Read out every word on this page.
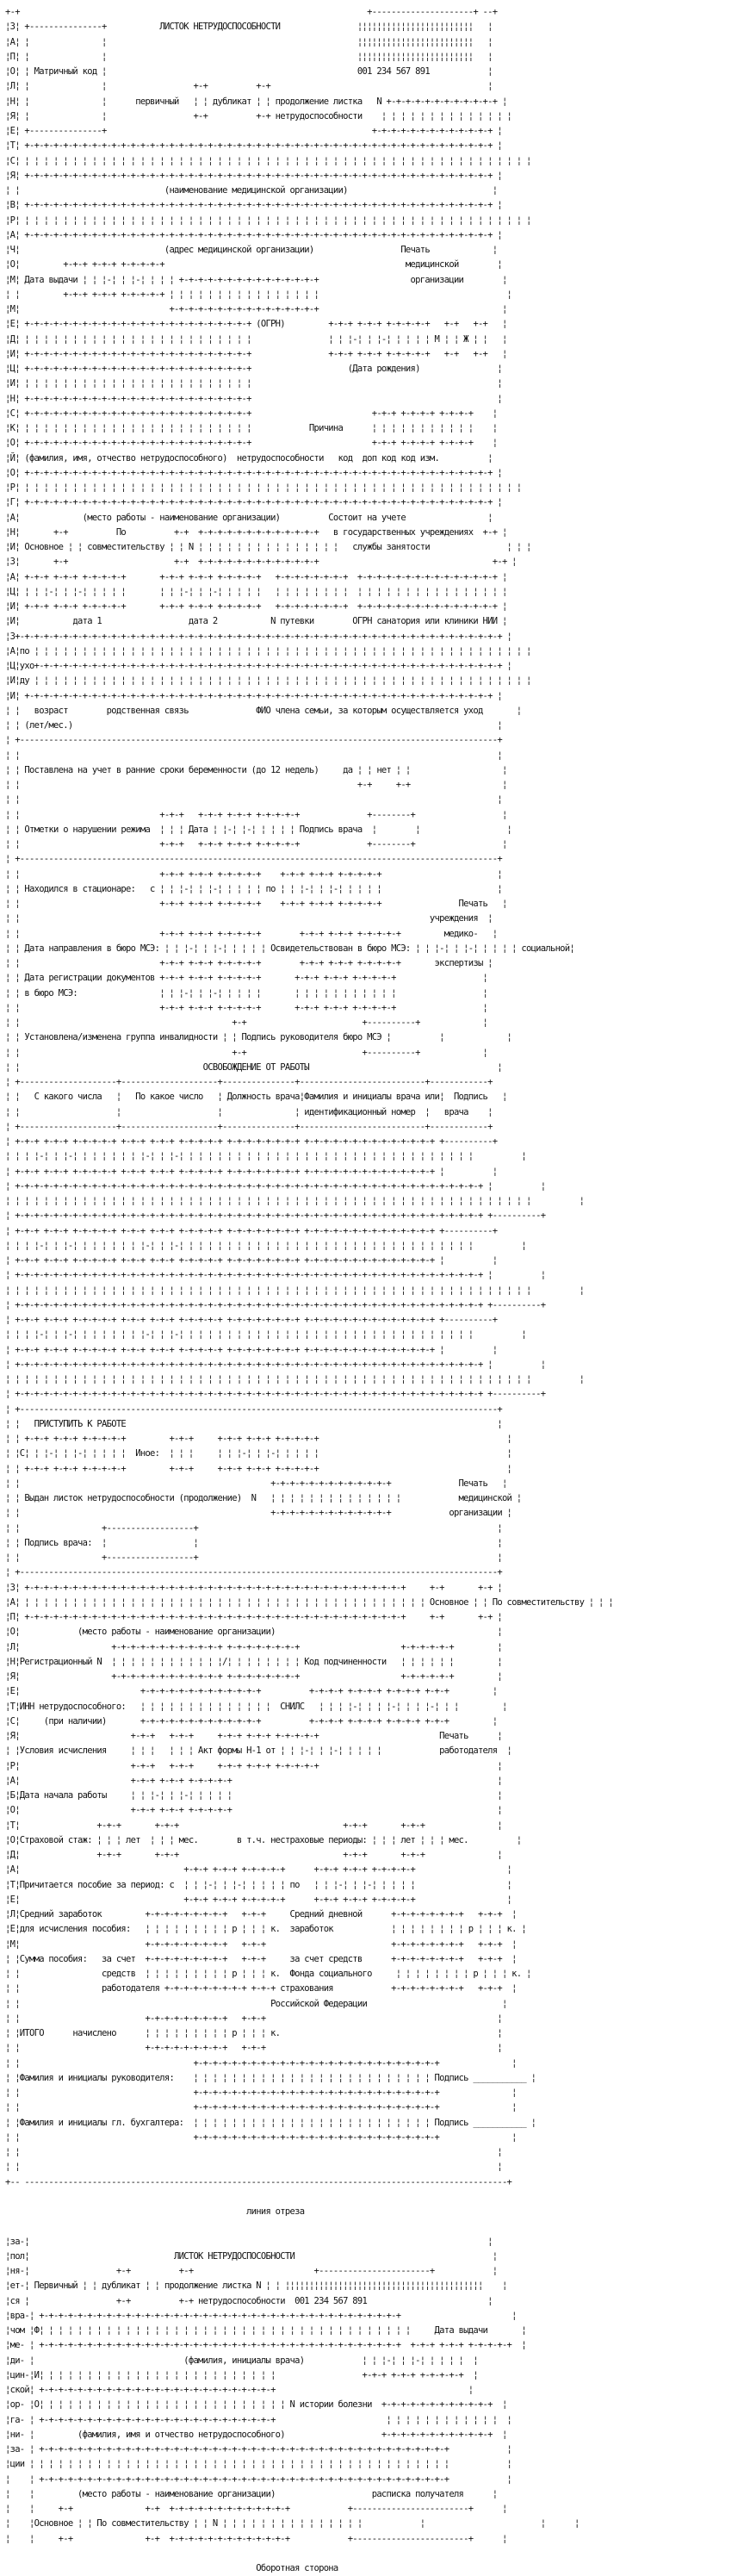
+-+                                                                        +---------------------+ --+
¦З¦ +---------------+           ЛИСТОК НЕТРУДОСПОСОБНОСТИ                ¦¦¦¦¦¦¦¦¦¦¦¦¦¦¦¦¦¦¦¦¦¦¦¦   ¦
¦А¦ ¦               ¦                                                    ¦¦¦¦¦¦¦¦¦¦¦¦¦¦¦¦¦¦¦¦¦¦¦¦   ¦
¦П¦ ¦               ¦                                                    ¦¦¦¦¦¦¦¦¦¦¦¦¦¦¦¦¦¦¦¦¦¦¦¦   ¦
¦О¦ ¦ Матричный код ¦                                                    001 234 567 891            ¦
¦Л¦ ¦               ¦                  +-+          +-+                                             ¦
¦Н¦ ¦               ¦      первичный   ¦ ¦ дубликат ¦ ¦ продолжение листка   N +-+-+-+-+-+-+-+-+-+-+-+ ¦
¦Я¦ ¦               ¦                  +-+          +-+ нетрудоспособности    ¦ ¦ ¦ ¦ ¦ ¦ ¦ ¦ ¦ ¦ ¦ ¦ ¦ ¦
¦Е¦ +---------------+                                                       +-+-+-+-+-+-+-+-+-+-+-+-+ ¦
¦Т¦ +-+-+-+-+-+-+-+-+-+-+-+-+-+-+-+-+-+-+-+-+-+-+-+-+-+-+-+-+-+-+-+-+-+-+-+-+-+-+-+-+-+-+-+-+-+-+-+-+ ¦
¦С¦ ¦ ¦ ¦ ¦ ¦ ¦ ¦ ¦ ¦ ¦ ¦ ¦ ¦ ¦ ¦ ¦ ¦ ¦ ¦ ¦ ¦ ¦ ¦ ¦ ¦ ¦ ¦ ¦ ¦ ¦ ¦ ¦ ¦ ¦ ¦ ¦ ¦ ¦ ¦ ¦ ¦ ¦ ¦ ¦ ¦ ¦ ¦ ¦ ¦ ¦ ¦ ¦ ¦
¦Я¦ +-+-+-+-+-+-+-+-+-+-+-+-+-+-+-+-+-+-+-+-+-+-+-+-+-+-+-+-+-+-+-+-+-+-+-+-+-+-+-+-+-+-+-+-+-+-+-+-+ ¦
¦ ¦                              (наименование медицинской организации)                              ¦
¦В¦ +-+-+-+-+-+-+-+-+-+-+-+-+-+-+-+-+-+-+-+-+-+-+-+-+-+-+-+-+-+-+-+-+-+-+-+-+-+-+-+-+-+-+-+-+-+-+-+-+ ¦
¦Р¦ ¦ ¦ ¦ ¦ ¦ ¦ ¦ ¦ ¦ ¦ ¦ ¦ ¦ ¦ ¦ ¦ ¦ ¦ ¦ ¦ ¦ ¦ ¦ ¦ ¦ ¦ ¦ ¦ ¦ ¦ ¦ ¦ ¦ ¦ ¦ ¦ ¦ ¦ ¦ ¦ ¦ ¦ ¦ ¦ ¦ ¦ ¦ ¦ ¦ ¦ ¦ ¦ ¦
¦А¦ +-+-+-+-+-+-+-+-+-+-+-+-+-+-+-+-+-+-+-+-+-+-+-+-+-+-+-+-+-+-+-+-+-+-+-+-+-+-+-+-+-+-+-+-+-+-+-+-+ ¦
¦Ч¦                              (адрес медицинской организации)                  Печать             ¦
¦О¦         +-+-+ +-+-+ +-+-+-+-+                                                  медицинской        ¦
¦М¦ Дата выдачи ¦ ¦ ¦-¦ ¦ ¦-¦ ¦ ¦ ¦ +-+-+-+-+-+-+-+-+-+-+-+-+-+-+                   организации        ¦
¦ ¦         +-+-+ +-+-+ +-+-+-+-+ ¦ ¦ ¦ ¦ ¦ ¦ ¦ ¦ ¦ ¦ ¦ ¦ ¦ ¦ ¦ ¦                                       ¦
¦М¦                               +-+-+-+-+-+-+-+-+-+-+-+-+-+-+-+                                      ¦
¦Е¦ +-+-+-+-+-+-+-+-+-+-+-+-+-+-+-+-+-+-+-+-+-+-+-+ (ОГРН)         +-+-+ +-+-+ +-+-+-+-+   +-+   +-+   ¦
¦Д¦ ¦ ¦ ¦ ¦ ¦ ¦ ¦ ¦ ¦ ¦ ¦ ¦ ¦ ¦ ¦ ¦ ¦ ¦ ¦ ¦ ¦ ¦ ¦ ¦                ¦ ¦ ¦-¦ ¦ ¦-¦ ¦ ¦ ¦ ¦ М ¦ ¦ Ж ¦ ¦   ¦
¦И¦ +-+-+-+-+-+-+-+-+-+-+-+-+-+-+-+-+-+-+-+-+-+-+-+                +-+-+ +-+-+ +-+-+-+-+   +-+   +-+   ¦
¦Ц¦ +-+-+-+-+-+-+-+-+-+-+-+-+-+-+-+-+-+-+-+-+-+-+-+                    (Дата рождения)                ¦
¦И¦ ¦ ¦ ¦ ¦ ¦ ¦ ¦ ¦ ¦ ¦ ¦ ¦ ¦ ¦ ¦ ¦ ¦ ¦ ¦ ¦ ¦ ¦ ¦ ¦                                                   ¦
¦Н¦ +-+-+-+-+-+-+-+-+-+-+-+-+-+-+-+-+-+-+-+-+-+-+-+                                                   ¦
¦С¦ +-+-+-+-+-+-+-+-+-+-+-+-+-+-+-+-+-+-+-+-+-+-+-+                         +-+-+ +-+-+-+ +-+-+-+    ¦
¦К¦ ¦ ¦ ¦ ¦ ¦ ¦ ¦ ¦ ¦ ¦ ¦ ¦ ¦ ¦ ¦ ¦ ¦ ¦ ¦ ¦ ¦ ¦ ¦ ¦            Причина      ¦ ¦ ¦ ¦ ¦ ¦ ¦ ¦ ¦ ¦ ¦    ¦
¦О¦ +-+-+-+-+-+-+-+-+-+-+-+-+-+-+-+-+-+-+-+-+-+-+-+                         +-+-+ +-+-+-+ +-+-+-+    ¦
¦Й¦ (фамилия, имя, отчество нетрудоспособного)  нетрудоспособности   код  доп код код изм.          ¦
¦О¦ +-+-+-+-+-+-+-+-+-+-+-+-+-+-+-+-+-+-+-+-+-+-+-+-+-+-+-+-+-+-+-+-+-+-+-+-+-+-+-+-+-+-+-+-+-+-+-+-+ ¦
¦Р¦ ¦ ¦ ¦ ¦ ¦ ¦ ¦ ¦ ¦ ¦ ¦ ¦ ¦ ¦ ¦ ¦ ¦ ¦ ¦ ¦ ¦ ¦ ¦ ¦ ¦ ¦ ¦ ¦ ¦ ¦ ¦ ¦ ¦ ¦ ¦ ¦ ¦ ¦ ¦ ¦ ¦ ¦ ¦ ¦ ¦ ¦ ¦ ¦ ¦ ¦ ¦ ¦
¦Г¦ +-+-+-+-+-+-+-+-+-+-+-+-+-+-+-+-+-+-+-+-+-+-+-+-+-+-+-+-+-+-+-+-+-+-+-+-+-+-+-+-+-+-+-+-+-+-+-+-+ ¦
¦А¦             (место работы - наименование организации)          Состоит на учете                 ¦
¦Н¦       +-+          По          +-+  +-+-+-+-+-+-+-+-+-+-+-+-+   в государственных учреждениях  +-+ ¦
¦И¦ Основное ¦ ¦ совместительству ¦ ¦ N ¦ ¦ ¦ ¦ ¦ ¦ ¦ ¦ ¦ ¦ ¦ ¦ ¦ ¦ ¦   службы занятости                ¦ ¦ ¦
¦З¦       +-+                      +-+  +-+-+-+-+-+-+-+-+-+-+-+-+                                    +-+ ¦
¦А¦ +-+-+ +-+-+ +-+-+-+-+       +-+-+ +-+-+ +-+-+-+-+   +-+-+-+-+-+-+-+  +-+-+-+-+-+-+-+-+-+-+-+-+-+-+ ¦
¦Ц¦ ¦ ¦ ¦-¦ ¦ ¦-¦ ¦ ¦ ¦ ¦       ¦ ¦ ¦-¦ ¦ ¦-¦ ¦ ¦ ¦ ¦   ¦ ¦ ¦ ¦ ¦ ¦ ¦ ¦  ¦ ¦ ¦ ¦ ¦ ¦ ¦ ¦ ¦ ¦ ¦ ¦ ¦ ¦ ¦ ¦
¦И¦ +-+-+ +-+-+ +-+-+-+-+       +-+-+ +-+-+ +-+-+-+-+   +-+-+-+-+-+-+-+  +-+-+-+-+-+-+-+-+-+-+-+-+-+-+ ¦
¦И¦           дата 1                  дата 2           N путевки        ОГРН санатория или клиники НИИ ¦
¦З+-+-+-+-+-+-+-+-+-+-+-+-+-+-+-+-+-+-+-+-+-+-+-+-+-+-+-+-+-+-+-+-+-+-+-+-+-+-+-+-+-+-+-+-+-+-+-+-+-+-+ ¦
¦А¦по ¦ ¦ ¦ ¦ ¦ ¦ ¦ ¦ ¦ ¦ ¦ ¦ ¦ ¦ ¦ ¦ ¦ ¦ ¦ ¦ ¦ ¦ ¦ ¦ ¦ ¦ ¦ ¦ ¦ ¦ ¦ ¦ ¦ ¦ ¦ ¦ ¦ ¦ ¦ ¦ ¦ ¦ ¦ ¦ ¦ ¦ ¦ ¦ ¦ ¦ ¦ ¦
¦Ц¦ухо+-+-+-+-+-+-+-+-+-+-+-+-+-+-+-+-+-+-+-+-+-+-+-+-+-+-+-+-+-+-+-+-+-+-+-+-+-+-+-+-+-+-+-+-+-+-+-+-+ ¦
¦И¦ду ¦ ¦ ¦ ¦ ¦ ¦ ¦ ¦ ¦ ¦ ¦ ¦ ¦ ¦ ¦ ¦ ¦ ¦ ¦ ¦ ¦ ¦ ¦ ¦ ¦ ¦ ¦ ¦ ¦ ¦ ¦ ¦ ¦ ¦ ¦ ¦ ¦ ¦ ¦ ¦ ¦ ¦ ¦ ¦ ¦ ¦ ¦ ¦ ¦ ¦ ¦ ¦
¦И¦ +-+-+-+-+-+-+-+-+-+-+-+-+-+-+-+-+-+-+-+-+-+-+-+-+-+-+-+-+-+-+-+-+-+-+-+-+-+-+-+-+-+-+-+-+-+-+-+-+ ¦
¦ ¦   возраст        родственная связь              ФИО члена семьи, за которым осуществляется уход       ¦
¦ ¦ (лет/мес.)                                                                                        ¦
¦ +---------------------------------------------------------------------------------------------------+
¦ ¦                                                                                                   ¦
¦ ¦ Поставлена на учет в ранние сроки беременности (до 12 недель)     да ¦ ¦ нет ¦ ¦                   ¦
¦ ¦                                                                      +-+     +-+                   ¦
¦ ¦                                                                                                   ¦
¦ ¦                             +-+-+   +-+-+ +-+-+ +-+-+-+-+              +--------+                  ¦
¦ ¦ Отметки о нарушении режима  ¦ ¦ ¦ Дата ¦ ¦-¦ ¦-¦ ¦ ¦ ¦ ¦ Подпись врача  ¦        ¦                  ¦
¦ ¦                             +-+-+   +-+-+ +-+-+ +-+-+-+-+              +--------+                  ¦
¦ +---------------------------------------------------------------------------------------------------+
¦ ¦                             +-+-+ +-+-+ +-+-+-+-+    +-+-+ +-+-+ +-+-+-+-+                        ¦
¦ ¦ Находился в стационаре:   с ¦ ¦ ¦-¦ ¦ ¦-¦ ¦ ¦ ¦ ¦ по ¦ ¦ ¦-¦ ¦ ¦-¦ ¦ ¦ ¦ ¦                        ¦
¦ ¦                             +-+-+ +-+-+ +-+-+-+-+    +-+-+ +-+-+ +-+-+-+-+                Печать   ¦
¦ ¦                                                                                     учреждения  ¦
¦ ¦                             +-+-+ +-+-+ +-+-+-+-+        +-+-+ +-+-+ +-+-+-+-+         медико-   ¦
¦ ¦ Дата направления в бюро МСЭ: ¦ ¦ ¦-¦ ¦ ¦-¦ ¦ ¦ ¦ ¦ Освидетельствован в бюро МСЭ: ¦ ¦ ¦-¦ ¦ ¦-¦ ¦ ¦ ¦ ¦ социальной¦
¦ ¦                             +-+-+ +-+-+ +-+-+-+-+        +-+-+ +-+-+ +-+-+-+-+       экспертизы ¦
¦ ¦ Дата регистрации документов +-+-+ +-+-+ +-+-+-+-+       +-+-+ +-+-+ +-+-+-+-+                  ¦
¦ ¦ в бюро МСЭ:                 ¦ ¦ ¦-¦ ¦ ¦-¦ ¦ ¦ ¦ ¦       ¦ ¦ ¦ ¦ ¦ ¦ ¦ ¦ ¦ ¦ ¦                  ¦
¦ ¦                             +-+-+ +-+-+ +-+-+-+-+       +-+-+ +-+-+ +-+-+-+-+                  ¦
¦ ¦                                            +-+                        +----------+             ¦
¦ ¦ Установлена/изменена группа инвалидности ¦ ¦ Подпись руководителя бюро МСЭ ¦          ¦             ¦
¦ ¦                                            +-+                        +----------+             ¦
¦ ¦                                      ОСВОБОЖДЕНИЕ ОТ РАБОТЫ                                       ¦
¦ +--------------------+--------------------+---------------+--------------------------+------------+
¦ ¦   С какого числа   ¦   По какое число   ¦ Должность врача¦Фамилия и инициалы врача или¦  Подпись   ¦
¦ ¦                    ¦                    ¦               ¦ идентификационный номер  ¦   врача    ¦
¦ +--------------------+--------------------+---------------+--------------------------+------------+
¦ +-+-+ +-+-+ +-+-+-+-+ +-+-+ +-+-+ +-+-+-+-+ +-+-+-+-+-+-+-+ +-+-+-+-+-+-+-+-+-+-+-+-+-+ +----------+
¦ ¦ ¦ ¦-¦ ¦ ¦-¦ ¦ ¦ ¦ ¦ ¦ ¦ ¦-¦ ¦ ¦-¦ ¦ ¦ ¦ ¦ ¦ ¦ ¦ ¦ ¦ ¦ ¦ ¦ ¦ ¦ ¦ ¦ ¦ ¦ ¦ ¦ ¦ ¦ ¦ ¦ ¦ ¦ ¦ ¦ ¦ ¦          ¦
¦ +-+-+ +-+-+ +-+-+-+-+ +-+-+ +-+-+ +-+-+-+-+ +-+-+-+-+-+-+-+ +-+-+-+-+-+-+-+-+-+-+-+-+-+ ¦          ¦
¦ +-+-+-+-+-+-+-+-+-+-+-+-+-+-+-+-+-+-+-+-+-+-+-+-+-+-+-+-+-+-+-+-+-+-+-+-+-+-+-+-+-+-+-+-+-+-+-+-+ ¦          ¦
¦ ¦ ¦ ¦ ¦ ¦ ¦ ¦ ¦ ¦ ¦ ¦ ¦ ¦ ¦ ¦ ¦ ¦ ¦ ¦ ¦ ¦ ¦ ¦ ¦ ¦ ¦ ¦ ¦ ¦ ¦ ¦ ¦ ¦ ¦ ¦ ¦ ¦ ¦ ¦ ¦ ¦ ¦ ¦ ¦ ¦ ¦ ¦ ¦ ¦ ¦ ¦ ¦ ¦ ¦          ¦
¦ +-+-+-+-+-+-+-+-+-+-+-+-+-+-+-+-+-+-+-+-+-+-+-+-+-+-+-+-+-+-+-+-+-+-+-+-+-+-+-+-+-+-+-+-+-+-+-+-+ +----------+
¦ +-+-+ +-+-+ +-+-+-+-+ +-+-+ +-+-+ +-+-+-+-+ +-+-+-+-+-+-+-+ +-+-+-+-+-+-+-+-+-+-+-+-+-+ +----------+
¦ ¦ ¦ ¦-¦ ¦ ¦-¦ ¦ ¦ ¦ ¦ ¦ ¦ ¦-¦ ¦ ¦-¦ ¦ ¦ ¦ ¦ ¦ ¦ ¦ ¦ ¦ ¦ ¦ ¦ ¦ ¦ ¦ ¦ ¦ ¦ ¦ ¦ ¦ ¦ ¦ ¦ ¦ ¦ ¦ ¦ ¦ ¦          ¦
¦ +-+-+ +-+-+ +-+-+-+-+ +-+-+ +-+-+ +-+-+-+-+ +-+-+-+-+-+-+-+ +-+-+-+-+-+-+-+-+-+-+-+-+-+ ¦          ¦
¦ +-+-+-+-+-+-+-+-+-+-+-+-+-+-+-+-+-+-+-+-+-+-+-+-+-+-+-+-+-+-+-+-+-+-+-+-+-+-+-+-+-+-+-+-+-+-+-+-+ ¦          ¦
¦ ¦ ¦ ¦ ¦ ¦ ¦ ¦ ¦ ¦ ¦ ¦ ¦ ¦ ¦ ¦ ¦ ¦ ¦ ¦ ¦ ¦ ¦ ¦ ¦ ¦ ¦ ¦ ¦ ¦ ¦ ¦ ¦ ¦ ¦ ¦ ¦ ¦ ¦ ¦ ¦ ¦ ¦ ¦ ¦ ¦ ¦ ¦ ¦ ¦ ¦ ¦ ¦ ¦ ¦          ¦
¦ +-+-+-+-+-+-+-+-+-+-+-+-+-+-+-+-+-+-+-+-+-+-+-+-+-+-+-+-+-+-+-+-+-+-+-+-+-+-+-+-+-+-+-+-+-+-+-+-+ +----------+
¦ +-+-+ +-+-+ +-+-+-+-+ +-+-+ +-+-+ +-+-+-+-+ +-+-+-+-+-+-+-+ +-+-+-+-+-+-+-+-+-+-+-+-+-+ +----------+
¦ ¦ ¦ ¦-¦ ¦ ¦-¦ ¦ ¦ ¦ ¦ ¦ ¦ ¦-¦ ¦ ¦-¦ ¦ ¦ ¦ ¦ ¦ ¦ ¦ ¦ ¦ ¦ ¦ ¦ ¦ ¦ ¦ ¦ ¦ ¦ ¦ ¦ ¦ ¦ ¦ ¦ ¦ ¦ ¦ ¦ ¦ ¦          ¦
¦ +-+-+ +-+-+ +-+-+-+-+ +-+-+ +-+-+ +-+-+-+-+ +-+-+-+-+-+-+-+ +-+-+-+-+-+-+-+-+-+-+-+-+-+ ¦          ¦
¦ +-+-+-+-+-+-+-+-+-+-+-+-+-+-+-+-+-+-+-+-+-+-+-+-+-+-+-+-+-+-+-+-+-+-+-+-+-+-+-+-+-+-+-+-+-+-+-+-+ ¦          ¦
¦ ¦ ¦ ¦ ¦ ¦ ¦ ¦ ¦ ¦ ¦ ¦ ¦ ¦ ¦ ¦ ¦ ¦ ¦ ¦ ¦ ¦ ¦ ¦ ¦ ¦ ¦ ¦ ¦ ¦ ¦ ¦ ¦ ¦ ¦ ¦ ¦ ¦ ¦ ¦ ¦ ¦ ¦ ¦ ¦ ¦ ¦ ¦ ¦ ¦ ¦ ¦ ¦ ¦ ¦          ¦
¦ +-+-+-+-+-+-+-+-+-+-+-+-+-+-+-+-+-+-+-+-+-+-+-+-+-+-+-+-+-+-+-+-+-+-+-+-+-+-+-+-+-+-+-+-+-+-+-+-+ +----------+
¦ +---------------------------------------------------------------------------------------------------+
¦ ¦   ПРИСТУПИТЬ К РАБОТЕ                                                                             ¦
¦ ¦ +-+-+ +-+-+ +-+-+-+-+         +-+-+     +-+-+ +-+-+ +-+-+-+-+                                       ¦
¦ ¦С¦ ¦ ¦-¦ ¦ ¦-¦ ¦ ¦ ¦ ¦  Иное:  ¦ ¦ ¦     ¦ ¦ ¦-¦ ¦ ¦-¦ ¦ ¦ ¦ ¦                                       ¦
¦ ¦ +-+-+ +-+-+ +-+-+-+-+         +-+-+     +-+-+ +-+-+ +-+-+-+-+                                       ¦
¦ ¦                                                    +-+-+-+-+-+-+-+-+-+-+-+-+              Печать   ¦
¦ ¦ Выдан листок нетрудоспособности (продолжение)  N   ¦ ¦ ¦ ¦ ¦ ¦ ¦ ¦ ¦ ¦ ¦ ¦ ¦ ¦            медицинской ¦
¦ ¦                                                    +-+-+-+-+-+-+-+-+-+-+-+-+            организации ¦
¦ ¦                 +------------------+                                                              ¦
¦ ¦ Подпись врача:  ¦                  ¦                                                              ¦
¦ ¦                 +------------------+                                                              ¦
¦ +---------------------------------------------------------------------------------------------------+
¦З¦ +-+-+-+-+-+-+-+-+-+-+-+-+-+-+-+-+-+-+-+-+-+-+-+-+-+-+-+-+-+-+-+-+-+-+-+-+-+-+-+     +-+       +-+ ¦
¦А¦ ¦ ¦ ¦ ¦ ¦ ¦ ¦ ¦ ¦ ¦ ¦ ¦ ¦ ¦ ¦ ¦ ¦ ¦ ¦ ¦ ¦ ¦ ¦ ¦ ¦ ¦ ¦ ¦ ¦ ¦ ¦ ¦ ¦ ¦ ¦ ¦ ¦ ¦ ¦ ¦ ¦ ¦ Основное ¦ ¦ По совместительству ¦ ¦ ¦
¦П¦ +-+-+-+-+-+-+-+-+-+-+-+-+-+-+-+-+-+-+-+-+-+-+-+-+-+-+-+-+-+-+-+-+-+-+-+-+-+-+-+     +-+       +-+ ¦
¦О¦            (место работы - наименование организации)                                              ¦
¦Л¦                   +-+-+-+-+-+-+-+-+-+-+-+ +-+-+-+-+-+-+-+                     +-+-+-+-+-+         ¦
¦Н¦Регистрационный N  ¦ ¦ ¦ ¦ ¦ ¦ ¦ ¦ ¦ ¦ ¦ ¦/¦ ¦ ¦ ¦ ¦ ¦ ¦ ¦ Код подчиненности   ¦ ¦ ¦ ¦ ¦ ¦         ¦
¦Я¦                   +-+-+-+-+-+-+-+-+-+-+-+ +-+-+-+-+-+-+-+                     +-+-+-+-+-+         ¦
¦Е¦                         +-+-+-+-+-+-+-+-+-+-+-+-+          +-+-+-+ +-+-+-+ +-+-+-+ +-+-+         ¦
¦Т¦ИНН нетрудоспособного:   ¦ ¦ ¦ ¦ ¦ ¦ ¦ ¦ ¦ ¦ ¦ ¦ ¦ ¦  СНИЛС   ¦ ¦ ¦ ¦-¦ ¦ ¦ ¦-¦ ¦ ¦ ¦-¦ ¦ ¦         ¦
¦С¦     (при наличии)       +-+-+-+-+-+-+-+-+-+-+-+-+          +-+-+-+ +-+-+-+ +-+-+-+ +-+-+         ¦
¦Я¦                       +-+-+   +-+-+     +-+-+ +-+-+ +-+-+-+-+                         Печать      ¦
¦ ¦Условия исчисления     ¦ ¦ ¦   ¦ ¦ ¦ Акт формы Н-1 от ¦ ¦ ¦-¦ ¦ ¦-¦ ¦ ¦ ¦ ¦            работодателя  ¦
¦Р¦                       +-+-+   +-+-+     +-+-+ +-+-+ +-+-+-+-+                                     ¦
¦А¦                       +-+-+ +-+-+ +-+-+-+-+                                                       ¦
¦Б¦Дата начала работы     ¦ ¦ ¦-¦ ¦ ¦-¦ ¦ ¦ ¦ ¦                                                       ¦
¦О¦                       +-+-+ +-+-+ +-+-+-+-+                                                       ¦
¦Т¦                +-+-+       +-+-+                                  +-+-+       +-+-+               ¦
¦О¦Страховой стаж: ¦ ¦ ¦ лет  ¦ ¦ ¦ мес.        в т.ч. нестраховые периоды: ¦ ¦ ¦ лет ¦ ¦ ¦ мес.          ¦
¦Д¦                +-+-+       +-+-+                                  +-+-+       +-+-+               ¦
¦А¦                                  +-+-+ +-+-+ +-+-+-+-+      +-+-+ +-+-+ +-+-+-+-+                   ¦
¦Т¦Причитается пособие за период: с  ¦ ¦ ¦-¦ ¦ ¦-¦ ¦ ¦ ¦ ¦ по   ¦ ¦ ¦-¦ ¦ ¦-¦ ¦ ¦ ¦ ¦                   ¦
¦Е¦                                  +-+-+ +-+-+ +-+-+-+-+      +-+-+ +-+-+ +-+-+-+-+                   ¦
¦Л¦Средний заработок         +-+-+-+-+-+-+-+-+   +-+-+     Средний дневной      +-+-+-+-+-+-+-+   +-+-+  ¦
¦Е¦для исчисления пособия:   ¦ ¦ ¦ ¦ ¦ ¦ ¦ ¦ ¦ р ¦ ¦ ¦ к.  заработок            ¦ ¦ ¦ ¦ ¦ ¦ ¦ ¦ р ¦ ¦ ¦ к. ¦
¦М¦                          +-+-+-+-+-+-+-+-+   +-+-+                          +-+-+-+-+-+-+-+   +-+-+  ¦
¦ ¦Сумма пособия:   за счет  +-+-+-+-+-+-+-+-+   +-+-+     за счет средств      +-+-+-+-+-+-+-+   +-+-+  ¦
¦ ¦                 средств  ¦ ¦ ¦ ¦ ¦ ¦ ¦ ¦ ¦ р ¦ ¦ ¦ к.  Фонда социального     ¦ ¦ ¦ ¦ ¦ ¦ ¦ ¦ р ¦ ¦ ¦ к. ¦
¦ ¦                 работодателя +-+-+-+-+-+-+-+-+ +-+-+ страхования            +-+-+-+-+-+-+-+   +-+-+  ¦
¦ ¦                                                    Российской Федерации                            ¦
¦ ¦                          +-+-+-+-+-+-+-+-+   +-+-+                                                ¦
¦ ¦ИТОГО      начислено      ¦ ¦ ¦ ¦ ¦ ¦ ¦ ¦ ¦ р ¦ ¦ ¦ к.                                             ¦
¦ ¦                          +-+-+-+-+-+-+-+-+   +-+-+                                                ¦
¦ ¦                                    +-+-+-+-+-+-+-+-+-+-+-+-+-+-+-+-+-+-+-+-+-+-+-+-+-+               ¦
¦ ¦Фамилия и инициалы руководителя:    ¦ ¦ ¦ ¦ ¦ ¦ ¦ ¦ ¦ ¦ ¦ ¦ ¦ ¦ ¦ ¦ ¦ ¦ ¦ ¦ ¦ ¦ ¦ ¦ ¦ Подпись ___________ ¦
¦ ¦                                    +-+-+-+-+-+-+-+-+-+-+-+-+-+-+-+-+-+-+-+-+-+-+-+-+-+               ¦
¦ ¦                                    +-+-+-+-+-+-+-+-+-+-+-+-+-+-+-+-+-+-+-+-+-+-+-+-+-+               ¦
¦ ¦Фамилия и инициалы гл. бухгалтера:  ¦ ¦ ¦ ¦ ¦ ¦ ¦ ¦ ¦ ¦ ¦ ¦ ¦ ¦ ¦ ¦ ¦ ¦ ¦ ¦ ¦ ¦ ¦ ¦ ¦ Подпись ___________ ¦
¦ ¦                                    +-+-+-+-+-+-+-+-+-+-+-+-+-+-+-+-+-+-+-+-+-+-+-+-+-+               ¦
¦ ¦                                                                                                   ¦
¦ ¦                                                                                                   ¦
+-- ----------------------------------------------------------------------------------------------------+

линия отреза

¦за-¦                                                                                               ¦
¦пол¦                              ЛИСТОК НЕТРУДОСПОСОБНОСТИ                                         ¦
¦ня-¦                  +-+          +-+                         +-----------------------+            ¦
¦ет-¦ Первичный ¦ ¦ дубликат ¦ ¦ продолжение листка N ¦ ¦ ¦¦¦¦¦¦¦¦¦¦¦¦¦¦¦¦¦¦¦¦¦¦¦¦¦¦¦¦¦¦¦¦¦¦¦¦¦¦¦¦¦    ¦
¦ся ¦                  +-+          +-+ нетрудоспособности  001 234 567 891                         ¦
¦вра-¦ +-+-+-+-+-+-+-+-+-+-+-+-+-+-+-+-+-+-+-+-+-+-+-+-+-+-+-+-+-+-+-+-+-+-+-+-+-+                       ¦
¦чом ¦Ф¦ ¦ ¦ ¦ ¦ ¦ ¦ ¦ ¦ ¦ ¦ ¦ ¦ ¦ ¦ ¦ ¦ ¦ ¦ ¦ ¦ ¦ ¦ ¦ ¦ ¦ ¦ ¦ ¦ ¦ ¦ ¦ ¦ ¦ ¦ ¦ ¦ ¦ ¦     Дата выдачи       ¦
¦ме- ¦ +-+-+-+-+-+-+-+-+-+-+-+-+-+-+-+-+-+-+-+-+-+-+-+-+-+-+-+-+-+-+-+-+-+-+-+-+-+  +-+-+ +-+-+ +-+-+-+-+  ¦
¦ди- ¦                               (фамилия, инициалы врача)            ¦ ¦ ¦-¦ ¦ ¦-¦ ¦ ¦ ¦ ¦  ¦
¦цин-¦И¦ ¦ ¦ ¦ ¦ ¦ ¦ ¦ ¦ ¦ ¦ ¦ ¦ ¦ ¦ ¦ ¦ ¦ ¦ ¦ ¦ ¦ ¦ ¦ ¦                  +-+-+ +-+-+ +-+-+-+-+  ¦
¦ской¦ +-+-+-+-+-+-+-+-+-+-+-+-+-+-+-+-+-+-+-+-+-+-+-+-+                                        ¦
¦ор- ¦О¦ ¦ ¦ ¦ ¦ ¦ ¦ ¦ ¦ ¦ ¦ ¦ ¦ ¦ ¦ ¦ ¦ ¦ ¦ ¦ ¦ ¦ ¦ ¦ ¦ ¦ N истории болезни  +-+-+-+-+-+-+-+-+-+-+-+  ¦
¦га- ¦ +-+-+-+-+-+-+-+-+-+-+-+-+-+-+-+-+-+-+-+-+-+-+-+-+                       ¦ ¦ ¦ ¦ ¦ ¦ ¦ ¦ ¦ ¦ ¦ ¦  ¦
¦ни- ¦         (фамилия, имя и отчество нетрудоспособного)                    +-+-+-+-+-+-+-+-+-+-+-+  ¦
¦за- ¦ +-+-+-+-+-+-+-+-+-+-+-+-+-+-+-+-+-+-+-+-+-+-+-+-+-+-+-+-+-+-+-+-+-+-+-+-+-+-+-+-+-+-+            ¦
¦ции ¦ ¦ ¦ ¦ ¦ ¦ ¦ ¦ ¦ ¦ ¦ ¦ ¦ ¦ ¦ ¦ ¦ ¦ ¦ ¦ ¦ ¦ ¦ ¦ ¦ ¦ ¦ ¦ ¦ ¦ ¦ ¦ ¦ ¦ ¦ ¦ ¦ ¦ ¦ ¦ ¦ ¦ ¦ ¦            ¦
¦    ¦ +-+-+-+-+-+-+-+-+-+-+-+-+-+-+-+-+-+-+-+-+-+-+-+-+-+-+-+-+-+-+-+-+-+-+-+-+-+-+-+-+-+-+            ¦
¦    ¦         (место работы - наименование организации)                    расписка получателя      ¦
¦    ¦     +-+               +-+  +-+-+-+-+-+-+-+-+-+-+-+-+            +------------------------+      ¦
¦    ¦Основное ¦ ¦ По совместительству ¦ ¦ N ¦ ¦ ¦ ¦ ¦ ¦ ¦ ¦ ¦ ¦ ¦ ¦ ¦ ¦ ¦            ¦                        ¦      ¦
¦    ¦     +-+               +-+  +-+-+-+-+-+-+-+-+-+-+-+-+            +------------------------+      ¦

Оборотная сторона
